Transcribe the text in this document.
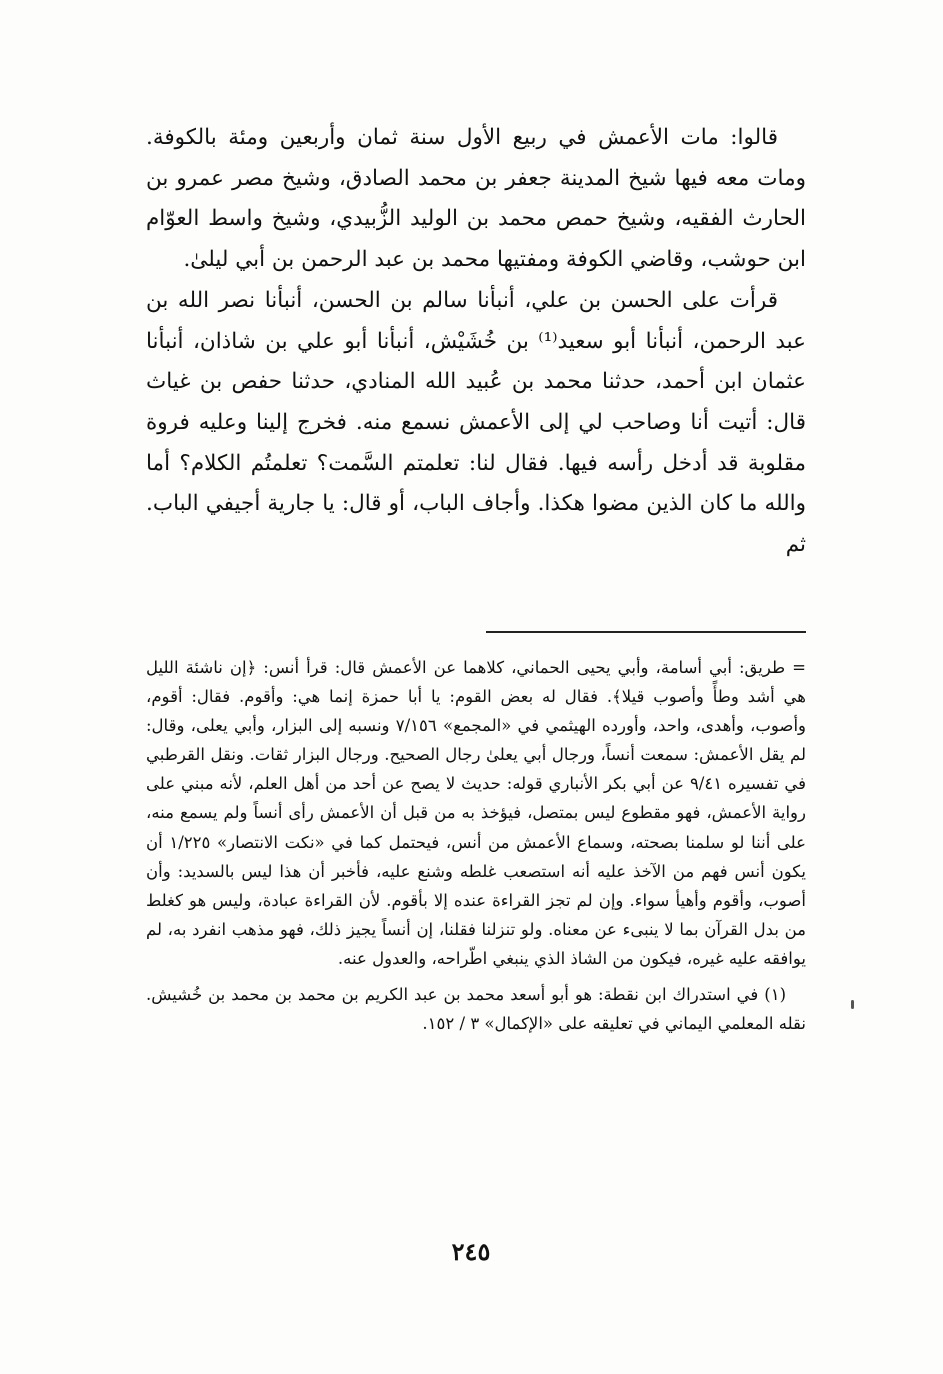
قالوا: مات الأعمش في ربيع الأول سنة ثمان وأربعين ومئة بالكوفة. ومات معه فيها شيخ المدينة جعفر بن محمد الصادق، وشيخ مصر عمرو بن الحارث الفقيه، وشيخ حمص محمد بن الوليد الزُّبيدي، وشيخ واسط العوّام ابن حوشب، وقاضي الكوفة ومفتيها محمد بن عبد الرحمن بن أبي ليلىٰ.

قرأت على الحسن بن علي، أنبأنا سالم بن الحسن، أنبأنا نصر الله بن عبد الرحمن، أنبأنا أبو سعيد⁽¹⁾ بن خُشَيْش، أنبأنا أبو علي بن شاذان، أنبأنا عثمان ابن أحمد، حدثنا محمد بن عُبيد الله المنادي، حدثنا حفص بن غياث قال: أتيت أنا وصاحب لي إلى الأعمش نسمع منه. فخرج إلينا وعليه فروة مقلوبة قد أدخل رأسه فيها. فقال لنا: تعلمتم السَّمت؟ تعلمتُم الكلام؟ أما والله ما كان الذين مضوا هكذا. وأجاف الباب، أو قال: يا جارية أجيفي الباب. ثم

= طريق: أبي أسامة، وأبي يحيى الحماني، كلاهما عن الأعمش قال: قرأ أنس: ﴿إن ناشئة الليل هي أشد وطأً وأصوب قيلا﴾. فقال له بعض القوم: يا أبا حمزة إنما هي: وأقوم. فقال: أقوم، وأصوب، وأهدى، واحد، وأورده الهيثمي في «المجمع» ٧/١٥٦ ونسبه إلى البزار، وأبي يعلى، وقال: لم يقل الأعمش: سمعت أنساً، ورجال أبي يعلىٰ رجال الصحيح. ورجال البزار ثقات. ونقل القرطبي في تفسيره ٩/٤١ عن أبي بكر الأنباري قوله: حديث لا يصح عن أحد من أهل العلم، لأنه مبني على رواية الأعمش، فهو مقطوع ليس بمتصل، فيؤخذ به من قبل أن الأعمش رأى أنساً ولم يسمع منه، على أننا لو سلمنا بصحته، وسماع الأعمش من أنس، فيحتمل كما في «نكت الانتصار» ١/٢٢٥ أن يكون أنس فهم من الآخذ عليه أنه استصعب غلطه وشنع عليه، فأخبر أن هذا ليس بالسديد: وأن أصوب، وأقوم وأهيأ سواء. وإن لم تجز القراءة عنده إلا بأقوم. لأن القراءة عبادة، وليس هو كغلط من بدل القرآن بما لا ينبىء عن معناه. ولو تنزلنا فقلنا، إن أنساً يجيز ذلك، فهو مذهب انفرد به، لم يوافقه عليه غيره، فيكون من الشاذ الذي ينبغي اطّراحه، والعدول عنه.

(١) في استدراك ابن نقطة: هو أبو أسعد محمد بن عبد الكريم بن محمد بن محمد بن خُشيش. نقله المعلمي اليماني في تعليقه على «الإكمال» ٣ / ١٥٢.

٢٤٥
